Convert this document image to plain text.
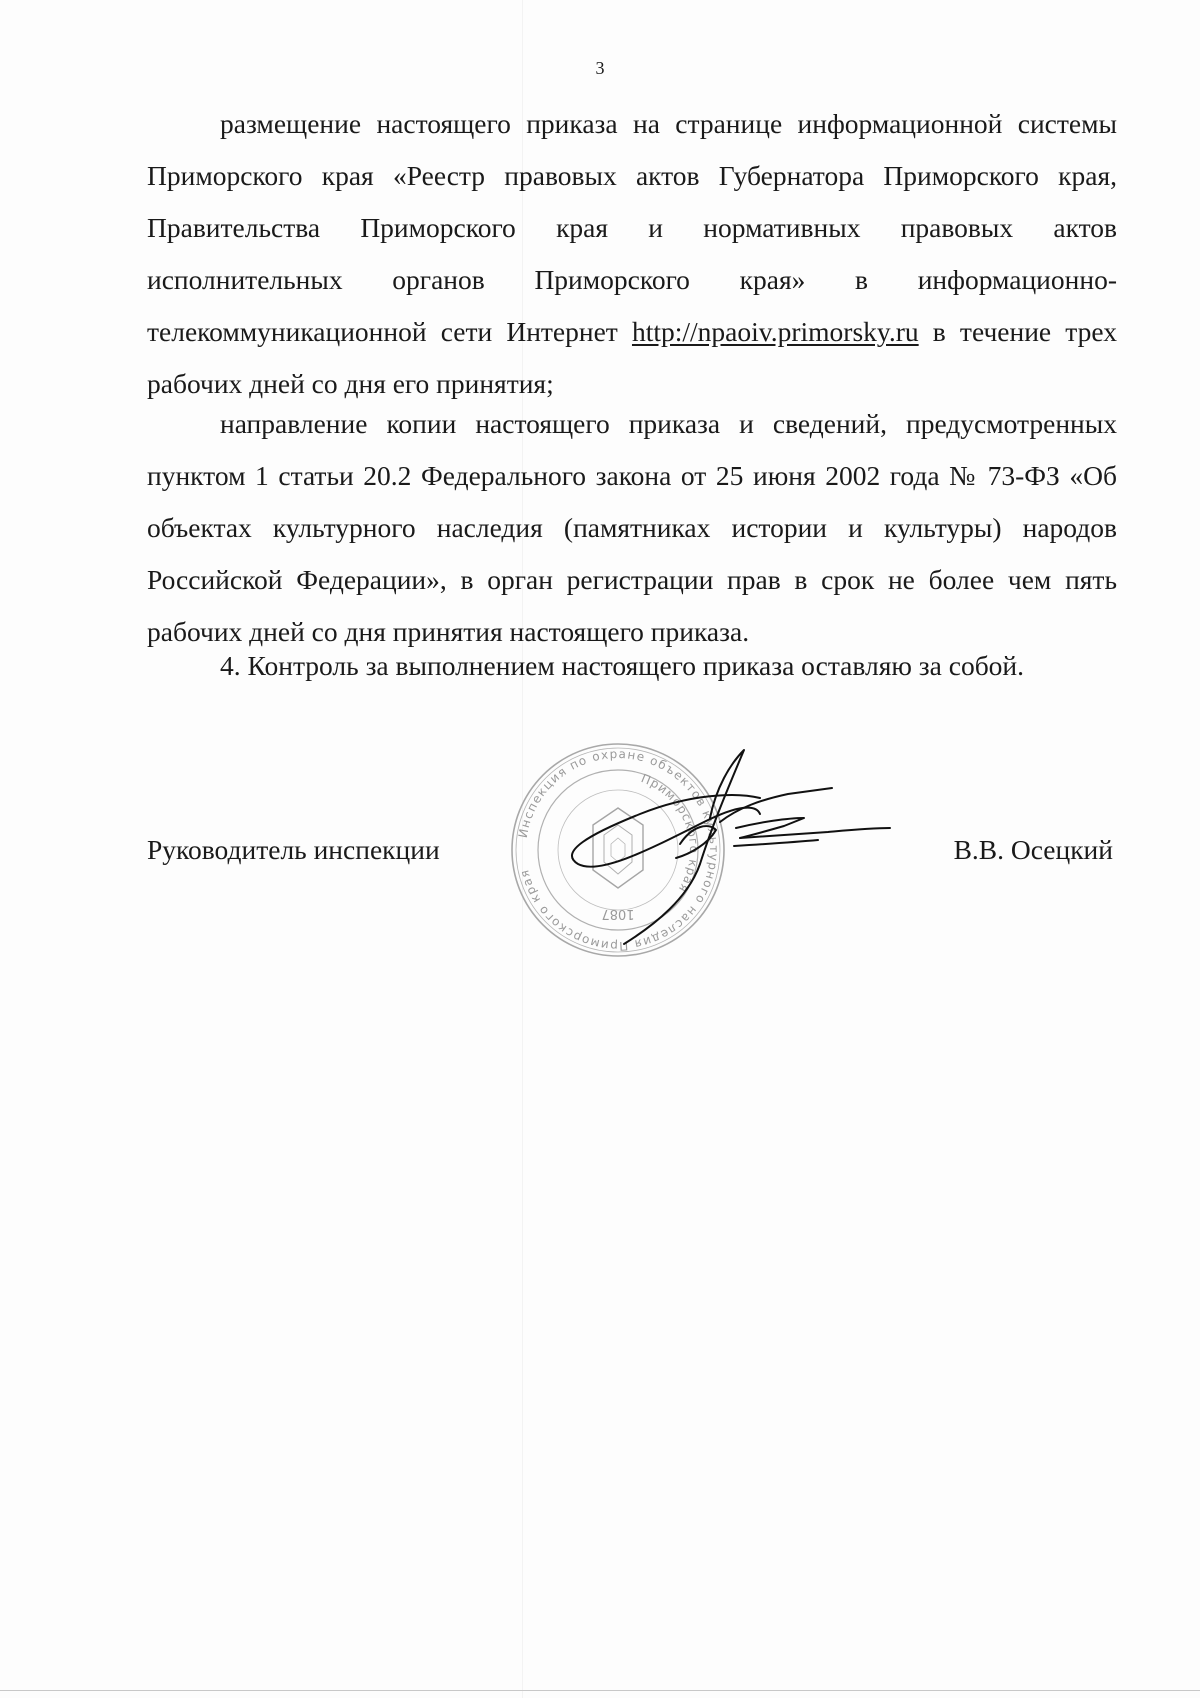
3

размещение настоящего приказа на странице информационной системы Приморского края «Реестр правовых актов Губернатора Приморского края, Правительства Приморского края и нормативных правовых актов исполнительных органов Приморского края» в информационно-телекоммуникационной сети Интернет http://npaoiv.primorsky.ru в течение трех рабочих дней со дня его принятия;

направление копии настоящего приказа и сведений, предусмотренных пунктом 1 статьи 20.2 Федерального закона от 25 июня 2002 года № 73-ФЗ «Об объектах культурного наследия (памятниках истории и культуры) народов Российской Федерации», в орган регистрации прав в срок не более чем пять рабочих дней со дня принятия настоящего приказа.

4. Контроль за выполнением настоящего приказа оставляю за собой.

Инспекция по охране объектов культурного наследия Приморского края
Приморского края
1087
Руководитель инспекции	В.В. Осецкий
